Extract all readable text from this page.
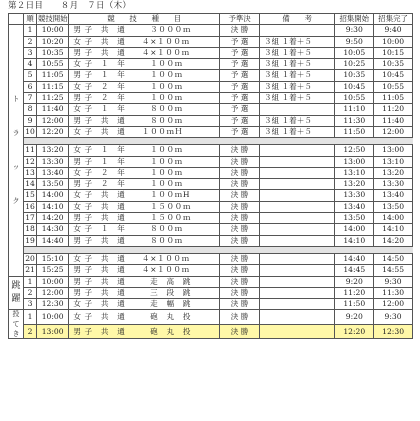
第２日目　　８月　７日（木）
	順	競技開始	競　　技　　種　　目	予準決	備　　考	招集開始	招集完了

ト
ラ
ッ
ク	1	10:00	男 子　共　通　　　３０００ｍ	決 勝		9:30	9:40
	2	10:20	女 子　共　通　　４×１００ｍ	予 選	３組 １着＋５	9:50	10:00
	3	10:35	男 子　共　通　　４×１００ｍ	予 選	３組 １着＋５	10:05	10:15
	4	10:55	女 子　１　年　　　１００ｍ	予 選	３組 １着＋５	10:25	10:35
	5	11:05	男 子　１　年　　　１００ｍ	予 選	３組 １着＋５	10:35	10:45
	6	11:15	女 子　２　年　　　１００ｍ	予 選	３組 １着＋５	10:45	10:55
	7	11:25	男 子　２　年　　　１００ｍ	予 選	３組 １着＋５	10:55	11:05
	8	11:40	女 子　１　年　　　８００ｍ	予 選		11:10	11:20
	9	12:00	男 子　共　通　　　８００ｍ	予 選	３組 １着＋５	11:30	11:40
	10	12:20	女 子　共　通　　１００ｍＨ	予 選	３組 １着＋５	11:50	12:00

	11	13:20	女 子　１　年　　　１００ｍ	決 勝		12:50	13:00
	12	13:30	男 子　１　年　　　１００ｍ	決 勝		13:00	13:10
	13	13:40	女 子　２　年　　　１００ｍ	決 勝		13:10	13:20
	14	13:50	男 子　２　年　　　１００ｍ	決 勝		13:20	13:30
	15	14:00	女 子　共　通　　　１００ｍH	決 勝		13:30	13:40
	16	14:10	女 子　共　通　　　１５００ｍ	決 勝		13:40	13:50
	17	14:20	男 子　共　通　　　１５００ｍ	決 勝		13:50	14:00
	18	14:30	女 子　１　年　　　８００ｍ	決 勝		14:00	14:10
	19	14:40	男 子　共　通　　　８００ｍ	決 勝		14:10	14:20

	20	15:10	女 子　共　通　　４×１００ｍ	決 勝		14:40	14:50
	21	15:25	男 子　共　通　　４×１００ｍ	決 勝		14:45	14:55

跳
躍	1	10:00	男 子　共　通　　　走　高　跳	決 勝		9:20	9:30
	2	12:00	男 子　共　通　　　三　段　跳	決 勝		11:20	11:30
	3	12:30	女 子　共　通　　　走　幅　跳	決 勝		11:50	12:00

投
て
き	1	10:00	女 子　共　通　　　砲　丸　投	決 勝		9:20	9:30
	2	13:00	男 子　共　通　　　砲　丸　投	決 勝		12:20	12:30
